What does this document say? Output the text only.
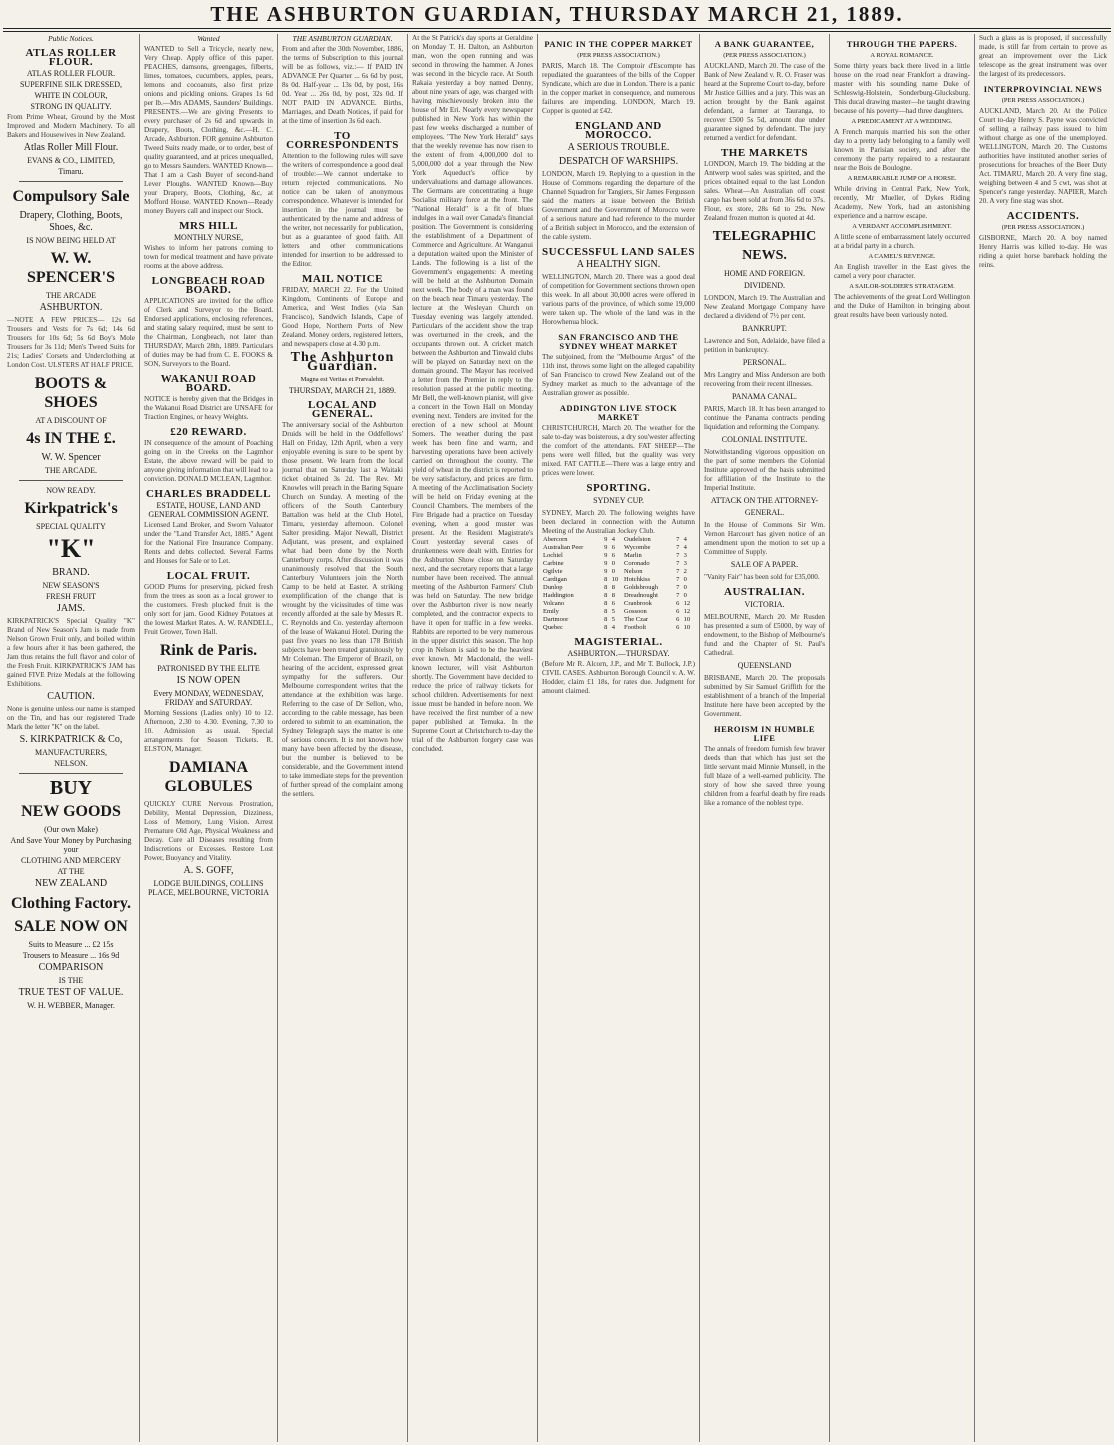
THE ASHBURTON GUARDIAN, THURSDAY MARCH 21, 1889.
Public Notices.
ATLAS ROLLER FLOUR.
ATLAS ROLLER FLOUR.
SUPERFINE SILK DRESSED,
WHITE IN COLOUR,
STRONG IN QUALITY.
From Prime Wheat, Ground by the Most Improved and Modern Machinery. To all Bakers and Housewives in New Zealand.
Atlas Roller Mill Flour.
EVANS & CO., LIMITED,
Timaru.
Compulsory Sale
Drapery, Clothing, Boots, Shoes, &c.
IS NOW BEING HELD AT
W. W. SPENCER'S
THE ARCADE
ASHBURTON.
—NOTE A FEW PRICES— 12s 6d Trousers and Vests for 7s 6d; 14s 6d Trousers for 10s 6d; 5s 6d Boy's Mole Trousers for 3s 11d; Men's Tweed Suits for 21s; Ladies' Corsets and Underclothing at London Cost. ULSTERS AT HALF PRICE.
BOOTS & SHOES
AT A DISCOUNT OF
4s IN THE £.
W. W. Spencer
THE ARCADE.
NOW READY.
Kirkpatrick's
SPECIAL QUALITY
"K"
BRAND.
NEW SEASON'S
FRESH FRUIT
JAMS.
KIRKPATRICK'S Special Quality "K" Brand of New Season's Jam is made from Nelson Grown Fruit only, and boiled within a few hours after it has been gathered, the Jam thus retains the full flavor and color of the Fresh Fruit. KIRKPATRICK'S JAM has gained FIVE Prize Medals at the following Exhibitions.
CAUTION.
None is genuine unless our name is stamped on the Tin, and has our registered Trade Mark the letter "K" on the label.
S. KIRKPATRICK & Co,
MANUFACTURERS,
NELSON.
BUY
NEW GOODS
(Our own Make)
And Save Your Money by Purchasing your
CLOTHING AND MERCERY
AT THE
NEW ZEALAND
Clothing Factory.
SALE NOW ON
Suits to Measure ... £2 15s
Trousers to Measure ... 16s 9d
COMPARISON
IS THE
TRUE TEST OF VALUE.
W. H. WEBBER, Manager.
Wanted
WANTED to Sell a Tricycle, nearly new, Very Cheap. Apply office of this paper. PEACHES, damsons, greengages, filberts, limes, tomatoes, cucumbers, apples, pears, lemons and cocoanuts, also first prize onions and pickling onions. Grapes 1s 6d per lb.—Mrs ADAMS, Saunders' Buildings. PRESENTS.—We are giving Presents to every purchaser of 2s 6d and upwards in Drapery, Boots, Clothing, &c.—H. C. Arcade, Ashburton. FOR genuine Ashburton Tweed Suits ready made, or to order, best of quality guaranteed, and at prices unequalled, go to Messrs Saunders. WANTED Known—That I am a Cash Buyer of second-hand Lever Ploughs. WANTED Known—Buy your Drapery, Boots, Clothing, &c, at Mofford House. WANTED Known—Ready money Buyers call and inspect our Stock.
MRS HILL
MONTHLY NURSE,
Wishes to inform her patrons coming to town for medical treatment and have private rooms at the above address.
LONGBEACH ROAD BOARD.
APPLICATIONS are invited for the office of Clerk and Surveyor to the Board. Endorsed applications, enclosing references, and stating salary required, must be sent to the Chairman, Longbeach, not later than THURSDAY, March 28th, 1889. Particulars of duties may be had from C. E. FOOKS & SON, Surveyors to the Board.
WAKANUI ROAD BOARD.
NOTICE is hereby given that the Bridges in the Wakanui Road District are UNSAFE for Traction Engines, or heavy Weights.
£20 REWARD.
IN consequence of the amount of Poaching going on in the Creeks on the Lagmhor Estate, the above reward will be paid to anyone giving information that will lead to a conviction. DONALD MCLEAN, Lagmhor.
CHARLES BRADDELL
ESTATE, HOUSE, LAND AND GENERAL COMMISSION AGENT.
Licensed Land Broker, and Sworn Valuator under the "Land Transfer Act, 1885." Agent for the National Fire Insurance Company. Rents and debts collected. Several Farms and Houses for Sale or to Let.
LOCAL FRUIT.
GOOD Plums for preserving, picked fresh from the trees as soon as a local grower to the customers. Fresh plucked fruit is the only sort for jam. Good Kidney Potatoes at the lowest Market Rates. A. W. RANDELL, Fruit Grower, Town Hall.
Rink de Paris.
PATRONISED BY THE ELITE
IS NOW OPEN
Every MONDAY, WEDNESDAY, FRIDAY and SATURDAY.
Morning Sessions (Ladies only) 10 to 12. Afternoon, 2.30 to 4.30. Evening, 7.30 to 10. Admission as usual. Special arrangements for Season Tickets. R. ELSTON, Manager.
DAMIANA GLOBULES
QUICKLY CURE Nervous Prostration, Debility, Mental Depression, Dizziness, Loss of Memory, Lung Vision. Arrest Premature Old Age, Physical Weakness and Decay. Cure all Diseases resulting from Indiscretions or Excesses. Restore Lost Power, Buoyancy and Vitality.
A. S. GOFF,
LODGE BUILDINGS, COLLINS PLACE, MELBOURNE, VICTORIA
THE ASHBURTON GUARDIAN.
From and after the 30th November, 1886, the terms of Subscription to this journal will be as follows, viz.:— If PAID IN ADVANCE Per Quarter ... 6s 6d by post, 8s 0d. Half-year ... 13s 0d, by post, 16s 0d. Year ... 26s 0d, by post, 32s 0d. If NOT PAID IN ADVANCE. Births, Marriages, and Death Notices, if paid for at the time of insertion 3s 6d each.
TO CORRESPONDENTS
Attention to the following rules will save the writers of correspondence a good deal of trouble:—We cannot undertake to return rejected communications. No notice can be taken of anonymous correspondence. Whatever is intended for insertion in the journal must be authenticated by the name and address of the writer, not necessarily for publication, but as a guarantee of good faith. All letters and other communications intended for insertion to be addressed to the Editor.
MAIL NOTICE
FRIDAY, MARCH 22. For the United Kingdom, Continents of Europe and America, and West Indies (via San Francisco), Sandwich Islands, Cape of Good Hope, Northern Ports of New Zealand. Money orders, registered letters, and newspapers close at 4.30 p.m.
The Ashburton Guardian.
Magna est Veritas et Prævalebit.
THURSDAY, MARCH 21, 1889.
LOCAL AND GENERAL.
The anniversary social of the Ashburton Druids will be held in the Oddfellows' Hall on Friday, 12th April, when a very enjoyable evening is sure to be spent by those present. We learn from the local journal that on Saturday last a Waitaki ticket obtained 3s 2d. The Rev. Mr Knowles will preach in the Baring Square Church on Sunday. A meeting of the officers of the South Canterbury Battalion was held at the Club Hotel, Timaru, yesterday afternoon. Colonel Salter presiding. Major Newall, District Adjutant, was present, and explained what had been done by the North Canterbury corps. After discussion it was unanimously resolved that the South Canterbury Volunteers join the North Camp to be held at Easter. A striking exemplification of the change that is wrought by the vicissitudes of time was recently afforded at the sale by Messrs R. C. Reynolds and Co. yesterday afternoon of the lease of Wakanui Hotel. During the past five years no less than 178 British subjects have been treated gratuitously by Mr Coleman. The Emperor of Brazil, on hearing of the accident, expressed great sympathy for the sufferers. Our Melbourne correspondent writes that the attendance at the exhibition was large. Referring to the case of Dr Sellon, who, according to the cable message, has been ordered to submit to an examination, the Sydney Telegraph says the matter is one of serious concern. It is not known how many have been affected by the disease, but the number is believed to be considerable, and the Government intend to take immediate steps for the prevention of further spread of the complaint among the settlers.
At the St Patrick's day sports at Geraldine on Monday T. H. Dalton, an Ashburton man, won the open running and was second in throwing the hammer. A Jones was second in the bicycle race. At South Rakaia yesterday a boy named Denny, about nine years of age, was charged with having mischievously broken into the house of Mr Eri. Nearly every newspaper published in New York has within the past few weeks discharged a number of employees. "The New York Herald" says that the weekly revenue has now risen to the extent of from 4,000,000 dol to 5,000,000 dol a year through the New York Aqueduct's office by undervaluations and damage allowances. The Germans are concentrating a huge Socialist military force at the front. The "National Herald" is a fit of blues indulges in a wail over Canada's financial position. The Government is considering the establishment of a Department of Commerce and Agriculture. At Wanganui a deputation waited upon the Minister of Lands. The following is a list of the Government's engagements: A meeting will be held at the Ashburton Domain next week. The body of a man was found on the beach near Timaru yesterday. The lecture at the Wesleyan Church on Tuesday evening was largely attended. Particulars of the accident show the trap was overturned in the creek, and the occupants thrown out. A cricket match between the Ashburton and Tinwald clubs will be played on Saturday next on the domain ground. The Mayor has received a letter from the Premier in reply to the resolution passed at the public meeting. Mr Bell, the well-known pianist, will give a concert in the Town Hall on Monday evening next. Tenders are invited for the erection of a new school at Mount Somers. The weather during the past week has been fine and warm, and harvesting operations have been actively carried on throughout the county. The yield of wheat in the district is reported to be very satisfactory, and prices are firm. A meeting of the Acclimatisation Society will be held on Friday evening at the Council Chambers. The members of the Fire Brigade had a practice on Tuesday evening, when a good muster was present. At the Resident Magistrate's Court yesterday several cases of drunkenness were dealt with. Entries for the Ashburton Show close on Saturday next, and the secretary reports that a large number have been received. The annual meeting of the Ashburton Farmers' Club was held on Saturday. The new bridge over the Ashburton river is now nearly completed, and the contractor expects to have it open for traffic in a few weeks. Rabbits are reported to be very numerous in the upper district this season. The hop crop in Nelson is said to be the heaviest ever known. Mr Macdonald, the well-known lecturer, will visit Ashburton shortly. The Government have decided to reduce the price of railway tickets for school children. Advertisements for next issue must be handed in before noon. We have received the first number of a new paper published at Temuka. In the Supreme Court at Christchurch to-day the trial of the Ashburton forgery case was concluded.
PANIC IN THE COPPER MARKET
(PER PRESS ASSOCIATION.)
PARIS, March 18. The Comptoir d'Escompte has repudiated the guarantees of the bills of the Copper Syndicate, which are due in London. There is a panic in the copper market in consequence, and numerous failures are impending. LONDON, March 19. Copper is quoted at £42.
ENGLAND AND MOROCCO.
A SERIOUS TROUBLE.
DESPATCH OF WARSHIPS.
LONDON, March 19. Replying to a question in the House of Commons regarding the departure of the Channel Squadron for Tangiers, Sir James Fergusson said the matters at issue between the British Government and the Government of Morocco were of a serious nature and had reference to the murder of a British subject in Morocco, and the extension of the cable system.
SUCCESSFUL LAND SALES
A HEALTHY SIGN.
WELLINGTON, March 20. There was a good deal of competition for Government sections thrown open this week. In all about 30,000 acres were offered in various parts of the province, of which some 19,000 were taken up. The whole of the land was in the Horowhenua block.
SAN FRANCISCO AND THE SYDNEY WHEAT MARKET
The subjoined, from the "Melbourne Argus" of the 11th inst, throws some light on the alleged capability of San Francisco to crowd New Zealand out of the Sydney market as much to the advantage of the Australian grower as possible.
ADDINGTON LIVE STOCK MARKET
CHRISTCHURCH, March 20. The weather for the sale to-day was boisterous, a dry sou'wester affecting the comfort of the attendants. FAT SHEEP—The pens were well filled, but the quality was very mixed. FAT CATTLE—There was a large entry and prices were lower.
SPORTING.
SYDNEY CUP.
SYDNEY, March 20. The following weights have been declared in connection with the Autumn Meeting of the Australian Jockey Club.
Abercorn	9	4	Oudelston	7	4
Australian Peer	9	6	Wycombe	7	4
Lochiel	9	6	Marlin	7	3
Carbine	9	0	Coronado	7	3
Ogilvie	9	0	Nelson	7	2
Cardigan	8	10	Hotchkiss	7	0
Dunlop	8	8	Goldsbrough	7	0
Haddington	8	8	Dreadnought	7	0
Volcano	8	6	Cranbrook	6	12
Emily	8	5	Gossoon	6	12
Dartmoor	8	5	The Czar	6	10
Quebec	8	4	Footbolt	6	10
MAGISTERIAL.
ASHBURTON.—THURSDAY.
(Before Mr R. Alcorn, J.P., and Mr T. Bullock, J.P.) CIVIL CASES. Ashburton Borough Council v. A. W. Hodder, claim £1 18s, for rates due. Judgment for amount claimed.
A BANK GUARANTEE,
(PER PRESS ASSOCIATION.)
AUCKLAND, March 20. The case of the Bank of New Zealand v. R. O. Fraser was heard at the Supreme Court to-day, before Mr Justice Gillies and a jury. This was an action brought by the Bank against defendant, a farmer at Tauranga, to recover £500 5s 5d, amount due under guarantee signed by defendant. The jury returned a verdict for defendant.
THE MARKETS
LONDON, March 19. The bidding at the Antwerp wool sales was spirited, and the prices obtained equal to the last London sales. Wheat—An Australian off coast cargo has been sold at from 36s 6d to 37s. Flour, ex store, 28s 6d to 29s. New Zealand frozen mutton is quoted at 4d.
TELEGRAPHIC NEWS.
HOME AND FOREIGN.
DIVIDEND.
LONDON, March 19. The Australian and New Zealand Mortgage Company have declared a dividend of 7½ per cent.
BANKRUPT.
Lawrence and Son, Adelaide, have filed a petition in bankruptcy.
PERSONAL.
Mrs Langtry and Miss Anderson are both recovering from their recent illnesses.
PANAMA CANAL.
PARIS, March 18. It has been arranged to continue the Panama contracts pending liquidation and reforming the Company.
COLONIAL INSTITUTE.
Notwithstanding vigorous opposition on the part of some members the Colonial Institute approved of the basis submitted for affiliation of the Institute to the Imperial Institute.
ATTACK ON THE ATTORNEY-GENERAL.
In the House of Commons Sir Wm. Vernon Harcourt has given notice of an amendment upon the motion to set up a Committee of Supply.
SALE OF A PAPER.
"Vanity Fair" has been sold for £35,000.
AUSTRALIAN.
VICTORIA.
MELBOURNE, March 20. Mr Rusden has presented a sum of £5000, by way of endowment, to the Bishop of Melbourne's fund and the Chapter of St. Paul's Cathedral.
QUEENSLAND
BRISBANE, March 20. The proposals submitted by Sir Samuel Griffith for the establishment of a branch of the Imperial Institute here have been accepted by the Government.
HEROISM IN HUMBLE LIFE
The annals of freedom furnish few braver deeds than that which has just set the little servant maid Minnie Munsell, in the full blaze of a well-earned publicity. The story of how she saved three young children from a fearful death by fire reads like a romance of the noblest type.
THROUGH THE PAPERS.
A ROYAL ROMANCE.
Some thirty years back there lived in a little house on the road near Frankfort a drawing-master with his sounding name Duke of Schleswig-Holstein, Sonderburg-Glucksburg. This ducal drawing master—he taught drawing because of his poverty—had three daughters.
A PREDICAMENT AT A WEDDING.
A French marquis married his son the other day to a pretty lady belonging to a family well known in Parisian society, and after the ceremony the party repaired to a restaurant near the Bois de Boulogne.
A REMARKABLE JUMP OF A HORSE.
While driving in Central Park, New York, recently, Mr Mueller, of Dykes Riding Academy, New York, had an astonishing experience and a narrow escape.
A VERDANT ACCOMPLISHMENT.
A little scene of embarrassment lately occurred at a bridal party in a church.
A CAMEL'S REVENGE.
An English traveller in the East gives the camel a very poor character.
A SAILOR-SOLDIER'S STRATAGEM.
The achievements of the great Lord Wellington and the Duke of Hamilton in bringing about great results have been variously noted.
Such a glass as is proposed, if successfully made, is still far from certain to prove as great an improvement over the Lick telescope as the great instrument was over the largest of its predecessors.
INTERPROVINCIAL NEWS
(PER PRESS ASSOCIATION.)
AUCKLAND, March 20. At the Police Court to-day Henry S. Payne was convicted of selling a railway pass issued to him without charge as one of the unemployed. WELLINGTON, March 20. The Customs authorities have instituted another series of prosecutions for breaches of the Beer Duty Act. TIMARU, March 20. A very fine stag, weighing between 4 and 5 cwt, was shot at Spencer's range yesterday. NAPIER, March 20. A very fine stag was shot.
ACCIDENTS.
(PER PRESS ASSOCIATION.)
GISBORNE, March 20. A boy named Henry Harris was killed to-day. He was riding a quiet horse bareback holding the reins.
